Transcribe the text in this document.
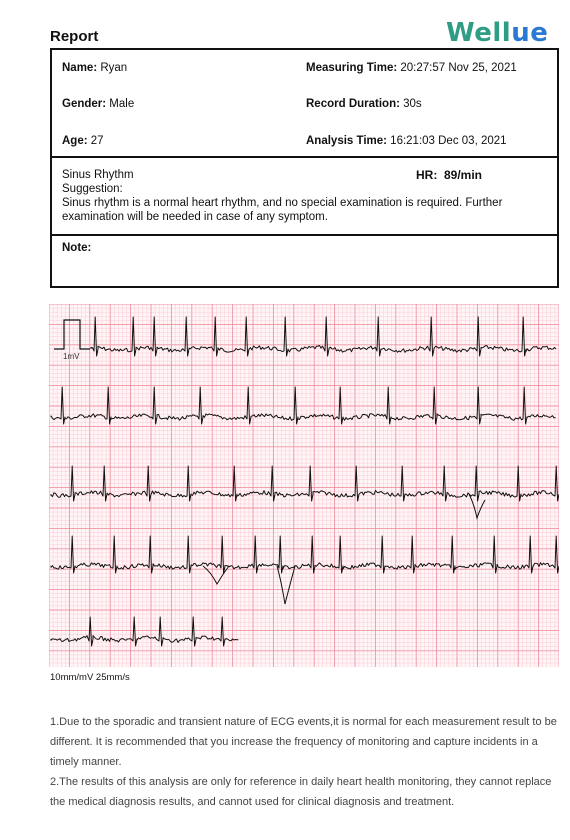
Report	Wellue
Name: Ryan
Gender: Male
Age: 27
Measuring Time: 20:27:57 Nov 25, 2021
Record Duration: 30s
Analysis Time: 16:21:03 Dec 03, 2021
Sinus Rhythm
Suggestion:
Sinus rhythm is a normal heart rhythm, and no special examination is required. Further examination will be needed in case of any symptom.
HR: 89/min
Note:
1mV
10mm/mV 25mm/s

1.Due to the sporadic and transient nature of ECG events,it is normal for each measurement result to be different. It is recommended that you increase the frequency of monitoring and capture incidents in a timely manner.

2.The results of this analysis are only for reference in daily heart health monitoring, they cannot replace the medical diagnosis results, and cannot used for clinical diagnosis and treatment.
